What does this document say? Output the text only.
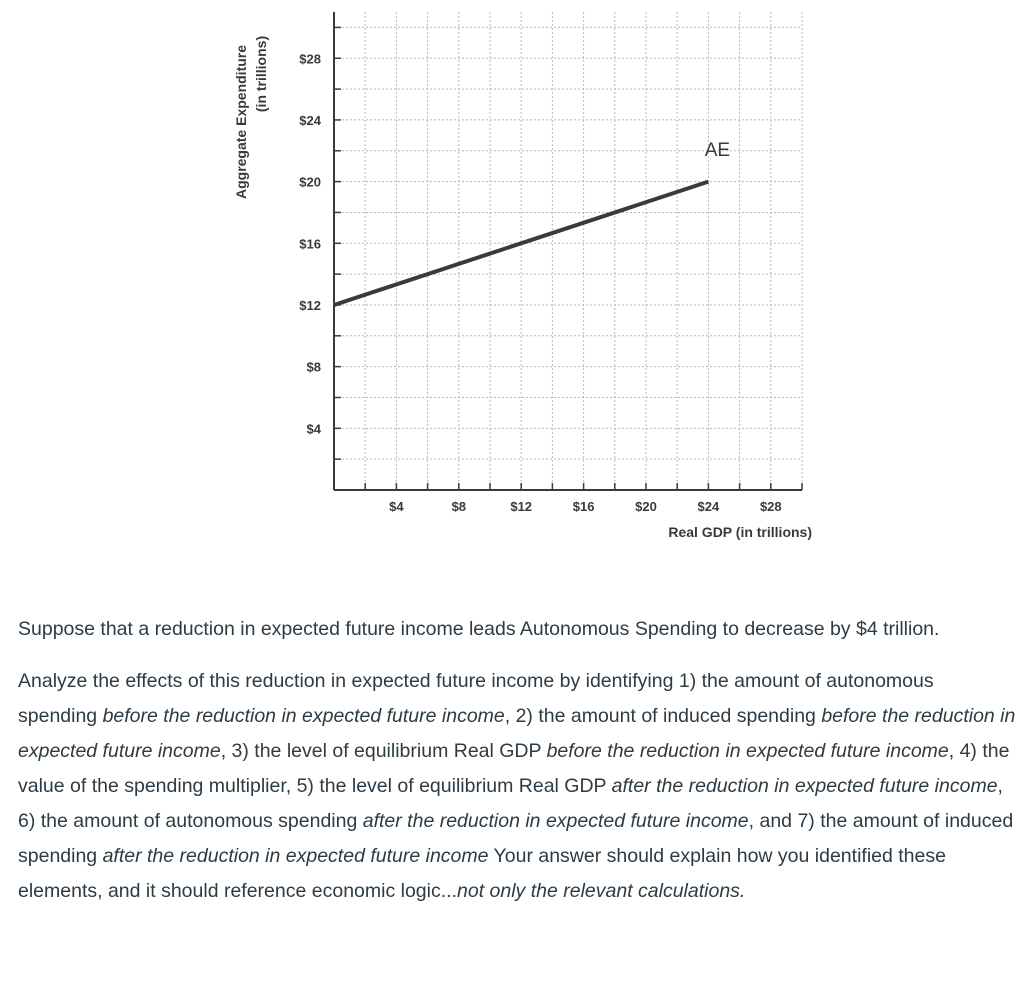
$4
$8
$12
$16
$20
$24
$28
$4	$8	$12	$16	$20	$24	$28
AE
Real GDP (in trillions)
Aggregate Expenditure (in trillions)

Suppose that a reduction in expected future income leads Autonomous Spending to decrease by $4 trillion.

Analyze the effects of this reduction in expected future income by identifying 1) the amount of autonomous spending before the reduction in expected future income, 2) the amount of induced spending before the reduction in expected future income, 3) the level of equilibrium Real GDP before the reduction in expected future income, 4) the value of the spending multiplier, 5) the level of equilibrium Real GDP after the reduction in expected future income, 6) the amount of autonomous spending after the reduction in expected future income, and 7) the amount of induced spending after the reduction in expected future income Your answer should explain how you identified these elements, and it should reference economic logic...not only the relevant calculations.
